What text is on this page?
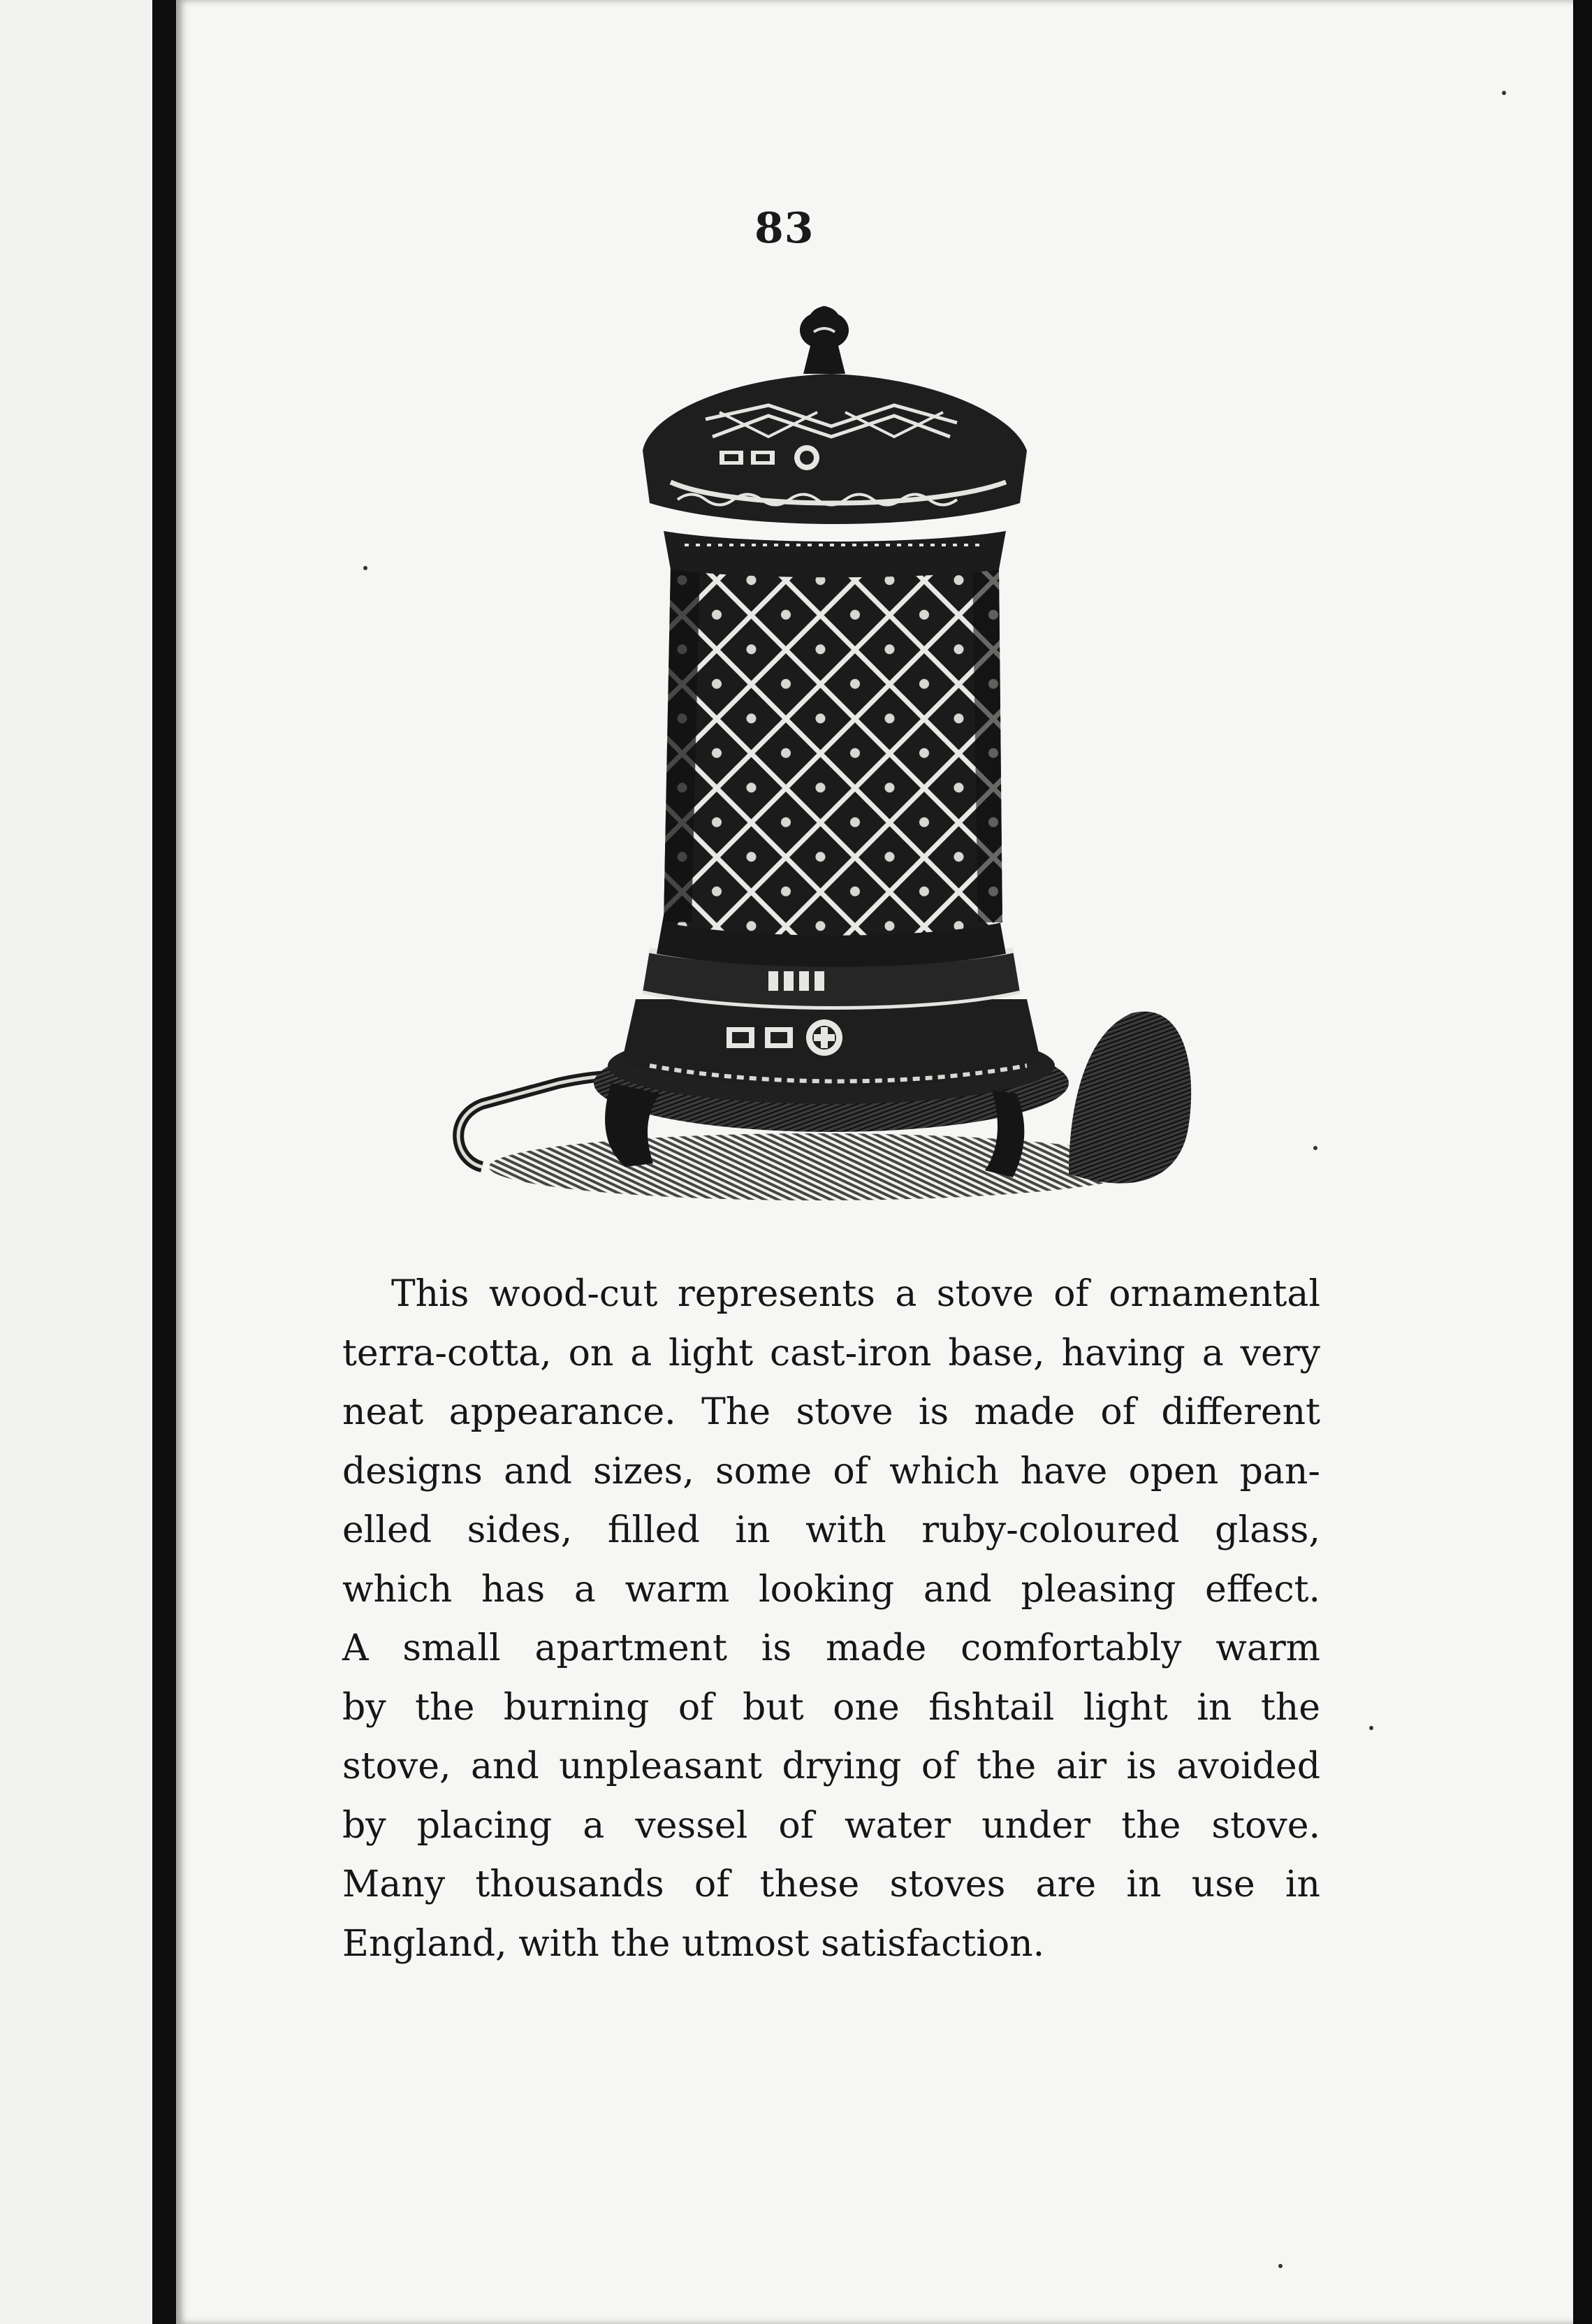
83

This wood-cut represents a stove of ornamental
terra-cotta, on a light cast-iron base, having a very
neat appearance. The stove is made of different
designs and sizes, some of which have open pan-
elled sides, filled in with ruby-coloured glass,
which has a warm looking and pleasing effect.
A small apartment is made comfortably warm
by the burning of but one fishtail light in the
stove, and unpleasant drying of the air is avoided
by placing a vessel of water under the stove.
Many thousands of these stoves are in use in
England, with the utmost satisfaction.
